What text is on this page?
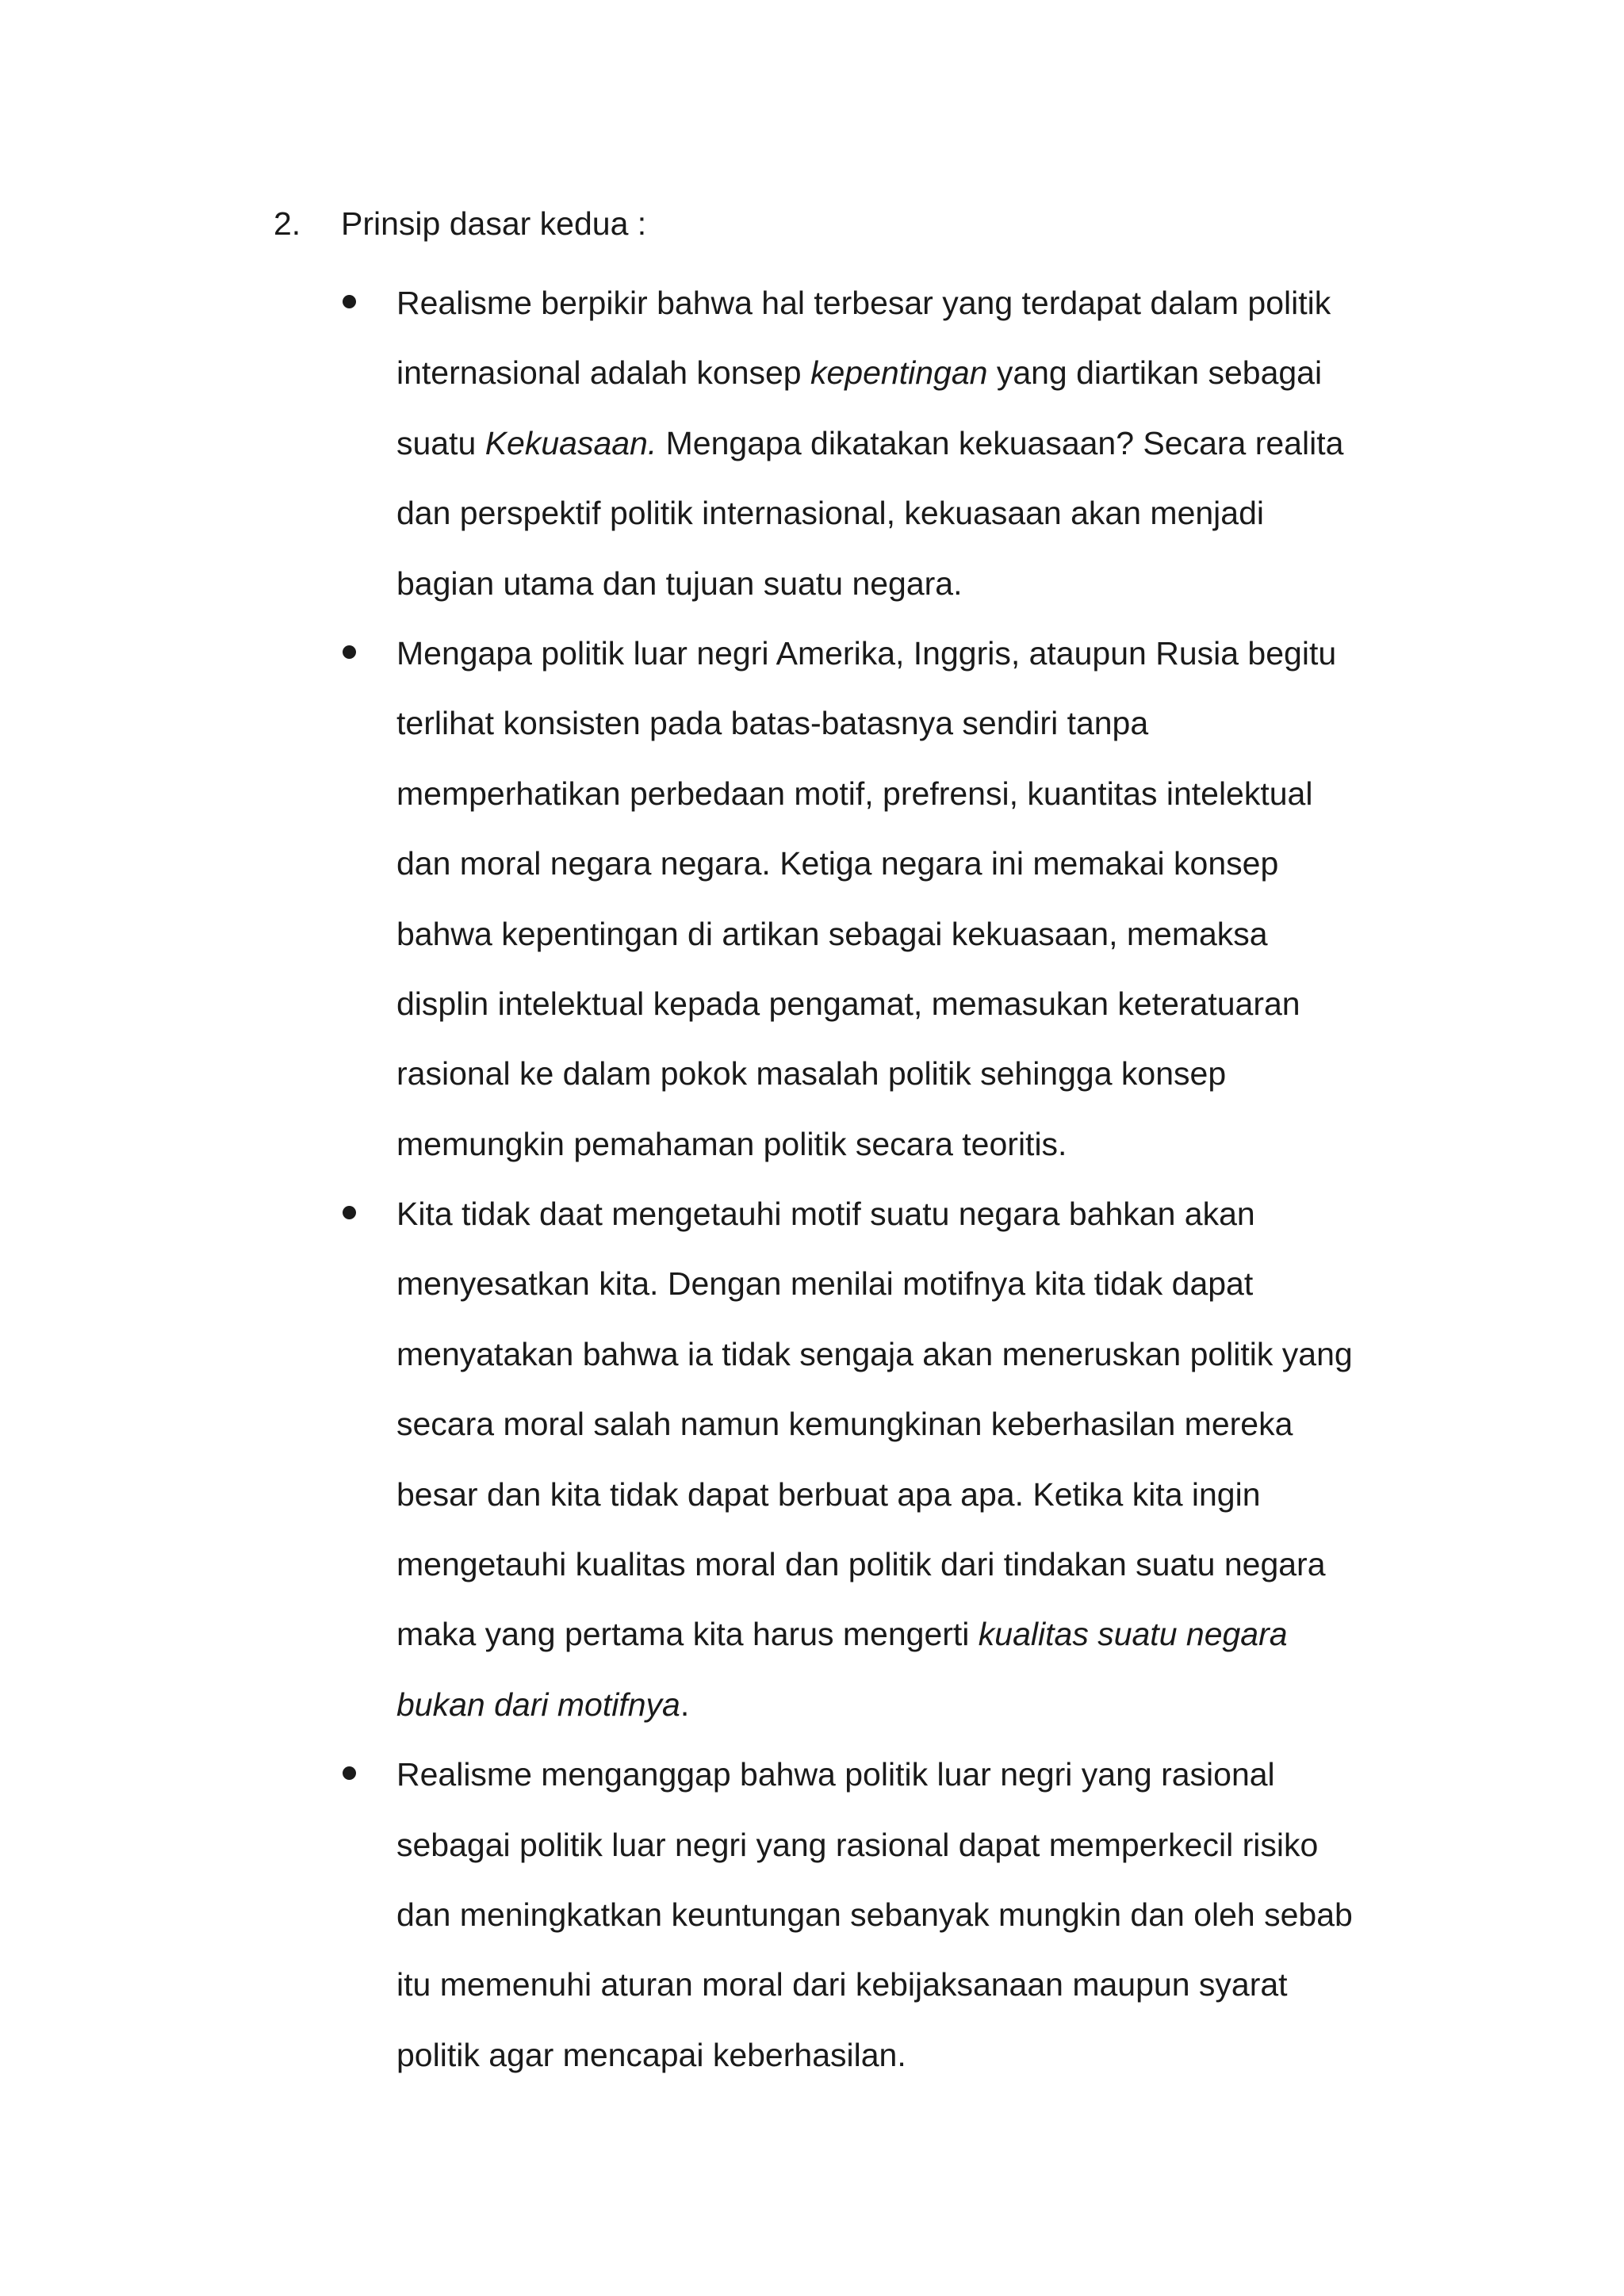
2.	Prinsip dasar kedua :
Realisme berpikir bahwa hal terbesar yang terdapat dalam politik
internasional adalah konsep kepentingan yang diartikan sebagai
suatu Kekuasaan. Mengapa dikatakan kekuasaan? Secara realita
dan perspektif politik internasional, kekuasaan akan menjadi
bagian utama dan tujuan suatu negara.
Mengapa politik luar negri Amerika, Inggris, ataupun Rusia begitu
terlihat konsisten pada batas-batasnya sendiri tanpa
memperhatikan perbedaan motif, prefrensi, kuantitas intelektual
dan moral negara negara. Ketiga negara ini memakai konsep
bahwa kepentingan di artikan sebagai kekuasaan, memaksa
displin intelektual kepada pengamat, memasukan keteratuaran
rasional ke dalam pokok masalah politik sehingga konsep
memungkin pemahaman politik secara teoritis.
Kita tidak daat mengetauhi motif suatu negara bahkan akan
menyesatkan kita. Dengan menilai motifnya kita tidak dapat
menyatakan bahwa ia tidak sengaja akan meneruskan politik yang
secara moral salah namun kemungkinan keberhasilan mereka
besar dan kita tidak dapat berbuat apa apa. Ketika kita ingin
mengetauhi kualitas moral dan politik dari tindakan suatu negara
maka yang pertama kita harus mengerti kualitas suatu negara
bukan dari motifnya.
Realisme menganggap bahwa politik luar negri yang rasional
sebagai politik luar negri yang rasional dapat memperkecil risiko
dan meningkatkan keuntungan sebanyak mungkin dan oleh sebab
itu memenuhi aturan moral dari kebijaksanaan maupun syarat
politik agar mencapai keberhasilan.
